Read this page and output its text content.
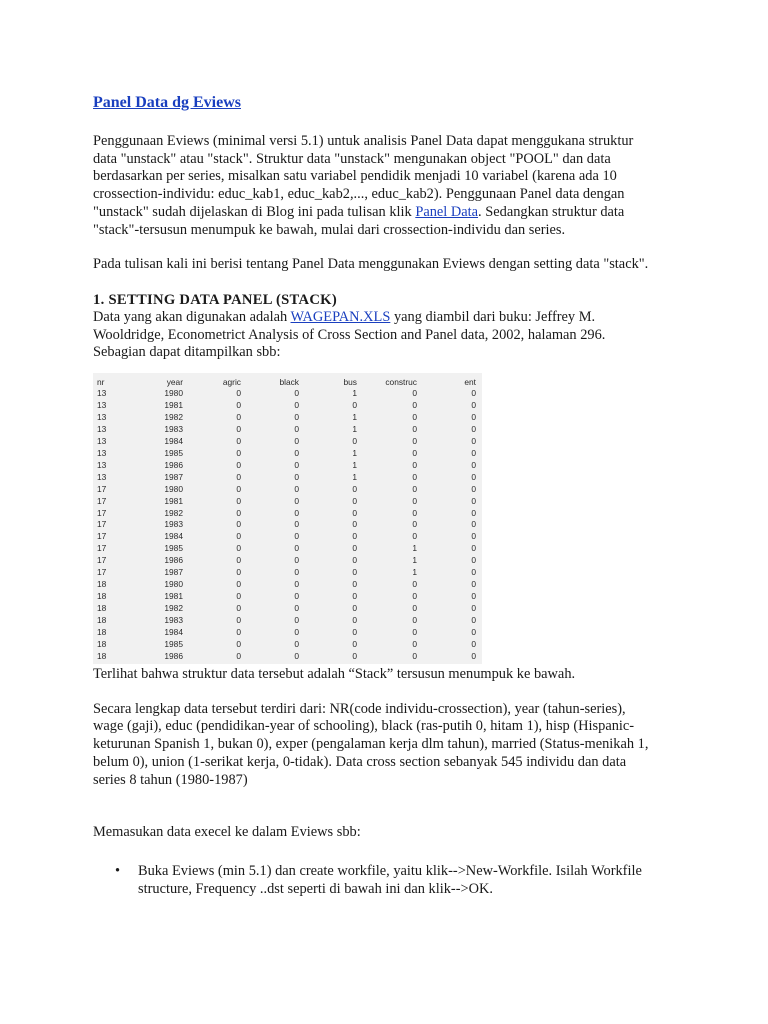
Panel Data dg Eviews

Penggunaan Eviews (minimal versi 5.1) untuk analisis Panel Data dapat menggukana struktur data "unstack" atau "stack". Struktur data "unstack" mengunakan object "POOL" dan data berdasarkan per series, misalkan satu variabel pendidik menjadi 10 variabel (karena ada 10 crossection-individu: educ_kab1, educ_kab2,..., educ_kab2). Penggunaan Panel data dengan "unstack" sudah dijelaskan di Blog ini pada tulisan klik Panel Data. Sedangkan struktur data "stack"-tersusun menumpuk ke bawah, mulai dari crossection-individu dan series.

Pada tulisan kali ini berisi tentang Panel Data menggunakan Eviews dengan setting data "stack".

1. SETTING DATA PANEL (STACK)

Data yang akan digunakan adalah WAGEPAN.XLS yang diambil dari buku: Jeffrey M. Wooldridge, Econometrict Analysis of Cross Section and Panel data, 2002, halaman 296. Sebagian dapat ditampilkan sbb:

nr	year	agric	black	bus	construc	ent
13	1980	0	0	1	0	0
13	1981	0	0	0	0	0
13	1982	0	0	1	0	0
13	1983	0	0	1	0	0
13	1984	0	0	0	0	0
13	1985	0	0	1	0	0
13	1986	0	0	1	0	0
13	1987	0	0	1	0	0
17	1980	0	0	0	0	0
17	1981	0	0	0	0	0
17	1982	0	0	0	0	0
17	1983	0	0	0	0	0
17	1984	0	0	0	0	0
17	1985	0	0	0	1	0
17	1986	0	0	0	1	0
17	1987	0	0	0	1	0
18	1980	0	0	0	0	0
18	1981	0	0	0	0	0
18	1982	0	0	0	0	0
18	1983	0	0	0	0	0
18	1984	0	0	0	0	0
18	1985	0	0	0	0	0
18	1986	0	0	0	0	0

Terlihat bahwa struktur data tersebut adalah “Stack” tersusun menumpuk ke bawah.

Secara lengkap data tersebut terdiri dari: NR(code individu-crossection), year (tahun-series), wage (gaji), educ (pendidikan-year of schooling), black (ras-putih 0, hitam 1), hisp (Hispanic-keturunan Spanish 1, bukan 0), exper (pengalaman kerja dlm tahun), married (Status-menikah 1, belum 0), union (1-serikat kerja, 0-tidak). Data cross section sebanyak 545 individu dan data series 8 tahun (1980-1987)

Memasukan data execel ke dalam Eviews sbb:

• Buka Eviews (min 5.1) dan create workfile, yaitu klik-->New-Workfile. Isilah Workfile structure, Frequency ..dst seperti di bawah ini dan klik-->OK.
